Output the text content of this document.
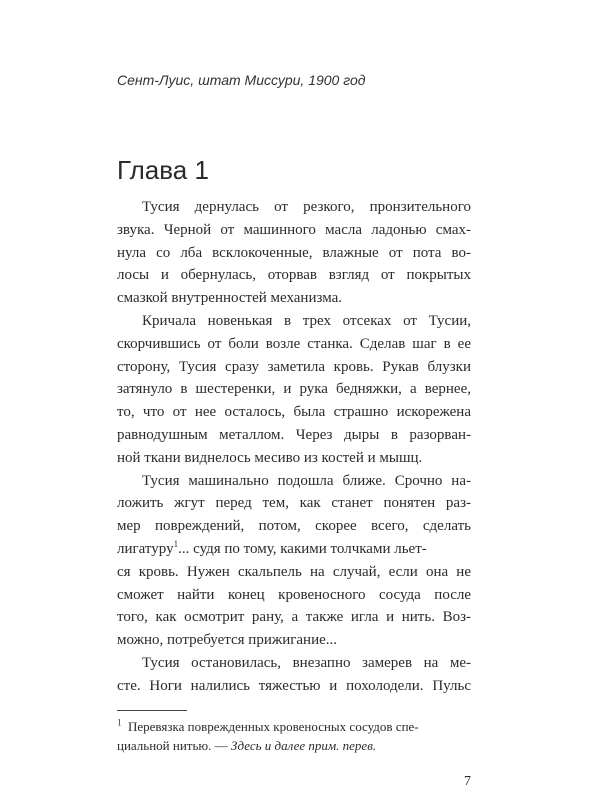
Сент-Луис, штат Миссури, 1900 год
Глава 1
Тусия дернулась от резкого, пронзительного
звука. Черной от машинного масла ладонью смах-
нула со лба всклокоченные, влажные от пота во-
лосы и обернулась, оторвав взгляд от покрытых
смазкой внутренностей механизма.
Кричала новенькая в трех отсеках от Тусии,
скорчившись от боли возле станка. Сделав шаг в ее
сторону, Тусия сразу заметила кровь. Рукав блузки
затянуло в шестеренки, и рука бедняжки, а вернее,
то, что от нее осталось, была страшно искорежена
равнодушным металлом. Через дыры в разорван-
ной ткани виднелось месиво из костей и мышц.
Тусия машинально подошла ближе. Срочно на-
ложить жгут перед тем, как станет понятен раз-
мер повреждений, потом, скорее всего, сделать
лигатуру$^1$... судя по тому, какими толчками льет-
ся кровь. Нужен скальпель на случай, если она не
сможет найти конец кровеносного сосуда после
того, как осмотрит рану, а также игла и нить. Воз-
можно, потребуется прижигание...
Тусия остановилась, внезапно замерев на ме-
сте. Ноги налились тяжестью и похолодели. Пульс
$^1$ Перевязка поврежденных кровеносных сосудов спе-
циальной нитью. — Здесь и далее прим. перев.
7
